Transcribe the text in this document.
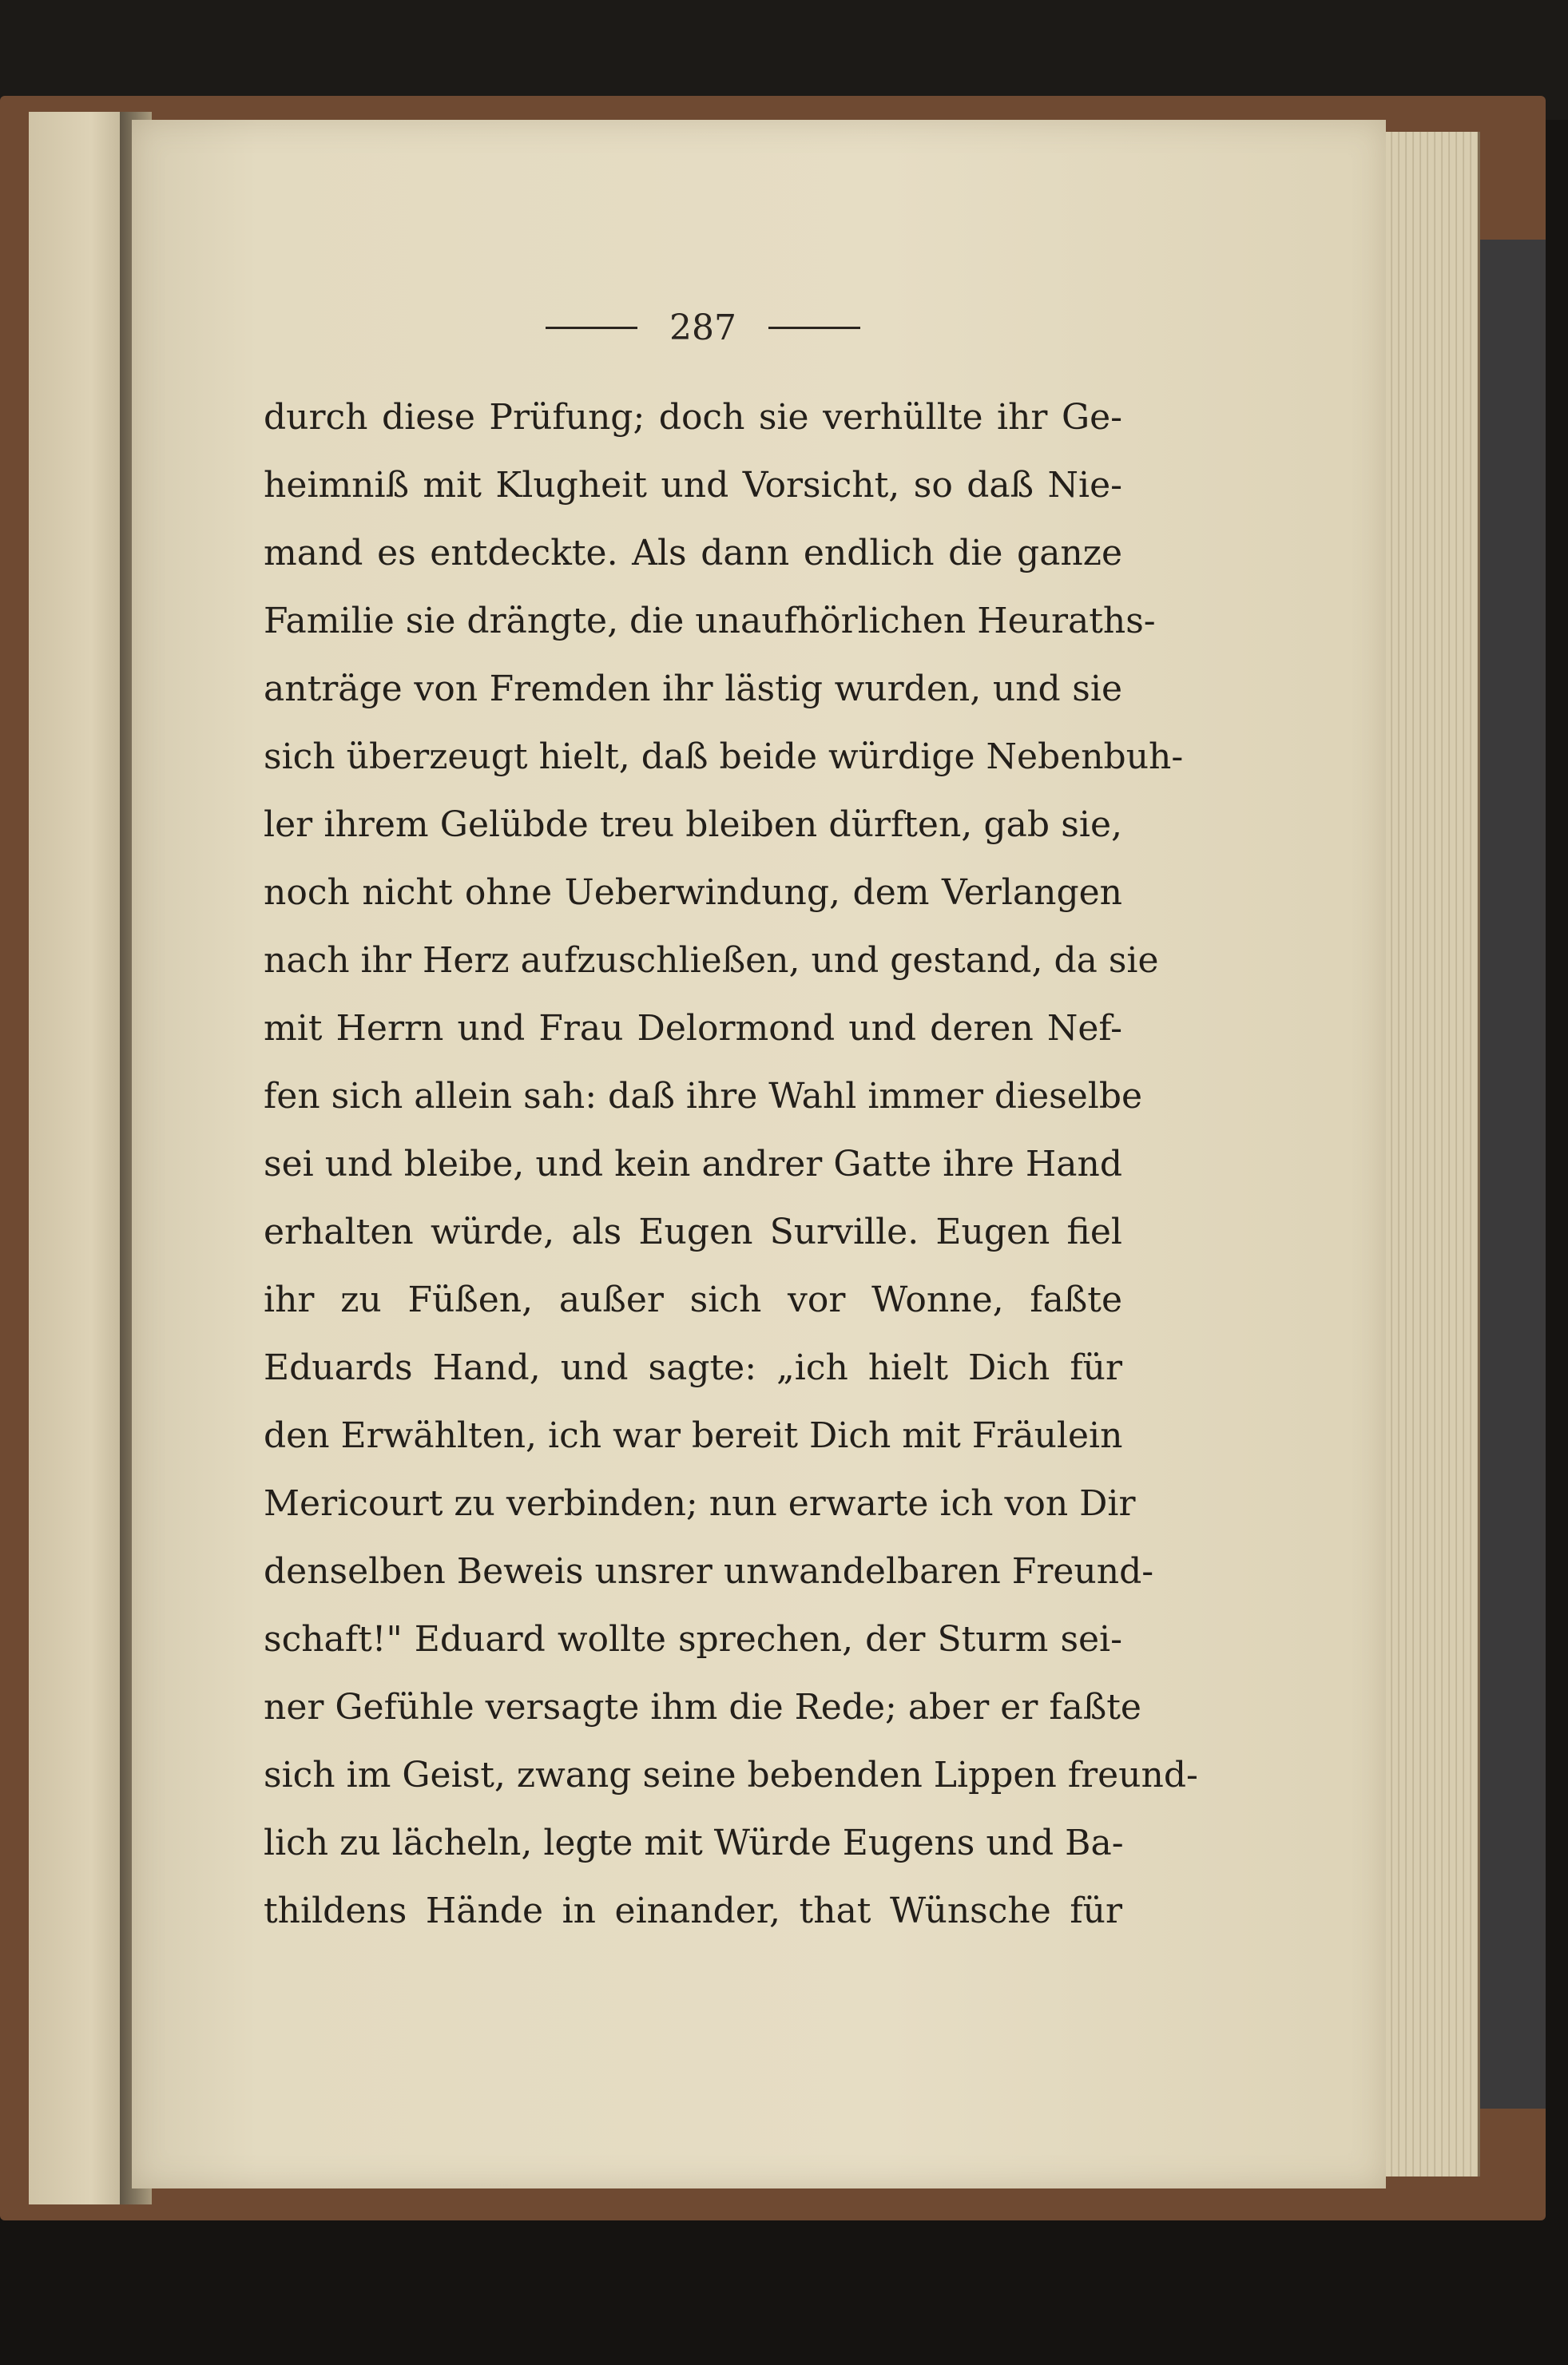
287
durch diese Prüfung; doch sie verhüllte ihr Ge-
heimniß mit Klugheit und Vorsicht, so daß Nie-
mand es entdeckte. Als dann endlich die ganze
Familie sie drängte, die unaufhörlichen Heuraths-
anträge von Fremden ihr lästig wurden, und sie
sich überzeugt hielt, daß beide würdige Nebenbuh-
ler ihrem Gelübde treu bleiben dürften, gab sie,
noch nicht ohne Ueberwindung, dem Verlangen
nach ihr Herz aufzuschließen, und gestand, da sie
mit Herrn und Frau Delormond und deren Nef-
fen sich allein sah: daß ihre Wahl immer dieselbe
sei und bleibe, und kein andrer Gatte ihre Hand
erhalten würde, als Eugen Surville. Eugen fiel
ihr zu Füßen, außer sich vor Wonne, faßte
Eduards Hand, und sagte: „ich hielt Dich für
den Erwählten, ich war bereit Dich mit Fräulein
Mericourt zu verbinden; nun erwarte ich von Dir
denselben Beweis unsrer unwandelbaren Freund-
schaft!" Eduard wollte sprechen, der Sturm sei-
ner Gefühle versagte ihm die Rede; aber er faßte
sich im Geist, zwang seine bebenden Lippen freund-
lich zu lächeln, legte mit Würde Eugens und Ba-
thildens Hände in einander, that Wünsche für
